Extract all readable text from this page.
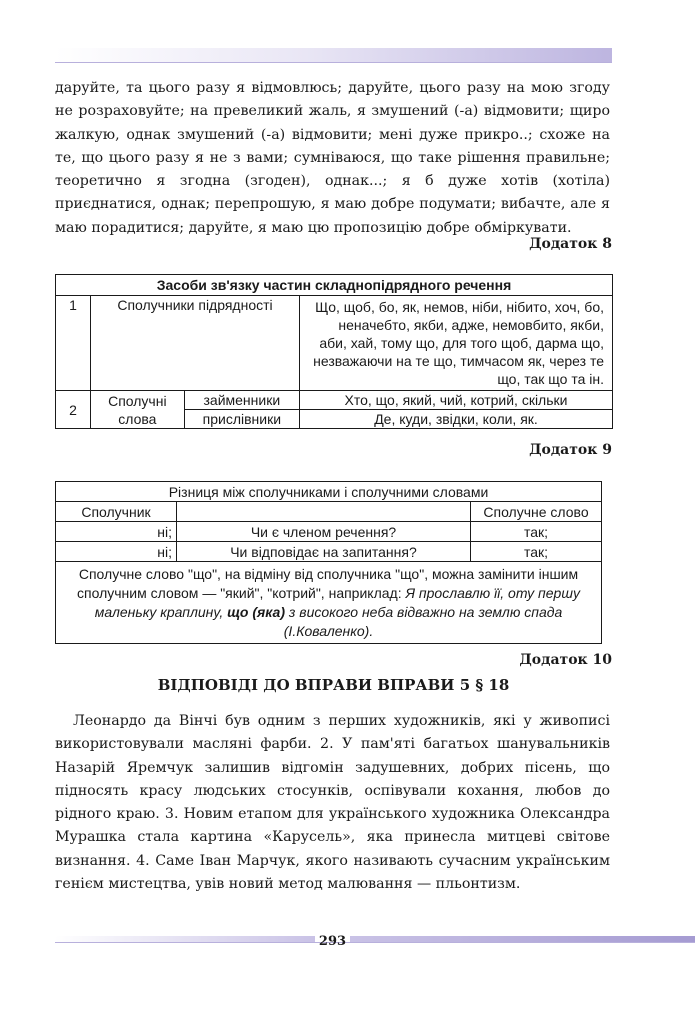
даруйте, та цього разу я відмовлюсь; даруйте, цього разу на мою згоду не розраховуйте; на превеликий жаль, я змушений (-а) відмовити; щиро жалкую, однак змушений (-а) відмовити; мені дуже прикро..; схоже на те, що цього разу я не з вами; сумніваюся, що таке рішення правильне; теоретично я згодна (згоден), однак...; я б дуже хотів (хотіла) приєднатися, однак; перепрошую, я маю добре подумати; вибачте, але я маю порадитися; даруйте, я маю цю пропозицію добре обміркувати.

Додаток 8
Засоби зв'язку частин складнопідрядного речення			
1	Сполучники підрядності		Що, щоб, бо, як, немов, ніби, нібито, хоч, бо, неначебто, якби, адже, немовбито, якби, аби, хай, тому що, для того щоб, дарма що, незважаючи на те що, тимчасом як, через те що, так що та ін.
2	Сполучні слова	займенники	Хто, що, який, чий, котрий, скільки
		прислівники	Де, куди, звідки, коли, як.
Додаток 9
Різниця між сполучниками і сполучними словами		
Сполучник		Сполучне слово
ні;	Чи є членом речення?	так;
ні;	Чи відповідає на запитання?	так;
Сполучне слово "що", на відміну від сполучника "що", можна замінити іншим сполучним словом — "який", "котрий", наприклад: Я прославлю її, оту першу маленьку краплину, що (яка) з високого неба відважно на землю спада (І.Коваленко).		
Додаток 10
ВІДПОВІДІ ДО ВПРАВИ ВПРАВИ 5 § 18

Леонардо да Вінчі був одним з перших художників, які у живописі використовували масляні фарби. 2. У пам'яті багатьох шанувальників Назарій Яремчук залишив відгомін задушевних, добрих пісень, що підносять красу людських стосунків, оспівували кохання, любов до рідного краю. 3. Новим етапом для українського художника Олександра Мурашка стала картина «Карусель», яка принесла митцеві світове визнання. 4. Саме Іван Марчук, якого називають сучасним українським генієм мистецтва, увів новий метод малювання — пльонтизм.

293
